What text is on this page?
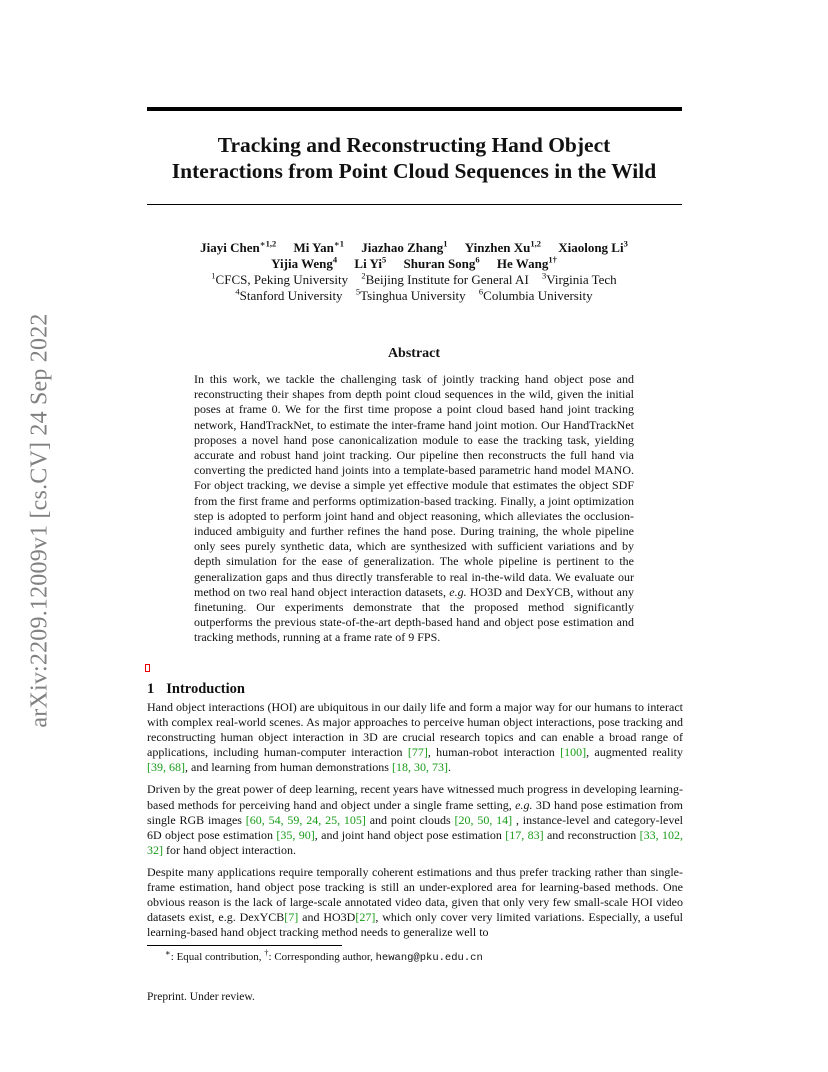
arXiv:2209.12009v1 [cs.CV] 24 Sep 2022
Tracking and Reconstructing Hand Object
Interactions from Point Cloud Sequences in the Wild
Jiayi Chen$^{∗1,2}$ Mi Yan$^{∗1}$ Jiazhao Zhang$^1$ Yinzhen Xu$^{1,2}$ Xiaolong Li$^3$
Yijia Weng$^4$ Li Yi$^5$ Shuran Song$^6$ He Wang$^{1\dagger}$
$^1$CFCS, Peking University $^2$Beijing Institute for General AI $^3$Virginia Tech
$^4$Stanford University $^5$Tsinghua University $^6$Columbia University
Abstract

In this work, we tackle the challenging task of jointly tracking hand object pose and reconstructing their shapes from depth point cloud sequences in the wild, given the initial poses at frame 0. We for the first time propose a point cloud based hand joint tracking network, HandTrackNet, to estimate the inter-frame hand joint motion. Our HandTrackNet proposes a novel hand pose canonicalization module to ease the tracking task, yielding accurate and robust hand joint tracking. Our pipeline then reconstructs the full hand via converting the predicted hand joints into a template-based parametric hand model MANO. For object tracking, we devise a simple yet effective module that estimates the object SDF from the first frame and performs optimization-based tracking. Finally, a joint optimization step is adopted to perform joint hand and object reasoning, which alleviates the occlusion-induced ambiguity and further refines the hand pose. During training, the whole pipeline only sees purely synthetic data, which are synthesized with sufficient variations and by depth simulation for the ease of generalization. The whole pipeline is pertinent to the generalization gaps and thus directly transferable to real in-the-wild data. We evaluate our method on two real hand object interaction datasets, e.g. HO3D and DexYCB, without any finetuning. Our experiments demonstrate that the proposed method significantly outperforms the previous state-of-the-art depth-based hand and object pose estimation and tracking methods, running at a frame rate of 9 FPS.

1 Introduction

Hand object interactions (HOI) are ubiquitous in our daily life and form a major way for our humans to interact with complex real-world scenes. As major approaches to perceive human object interactions, pose tracking and reconstructing human object interaction in 3D are crucial research topics and can enable a broad range of applications, including human-computer interaction [77], human-robot interaction [100], augmented reality [39, 68], and learning from human demonstrations [18, 30, 73].

Driven by the great power of deep learning, recent years have witnessed much progress in developing learning-based methods for perceiving hand and object under a single frame setting, e.g. 3D hand pose estimation from single RGB images [60, 54, 59, 24, 25, 105] and point clouds [20, 50, 14] , instance-level and category-level 6D object pose estimation [35, 90], and joint hand object pose estimation [17, 83] and reconstruction [33, 102, 32] for hand object interaction.

Despite many applications require temporally coherent estimations and thus prefer tracking rather than single-frame estimation, hand object pose tracking is still an under-explored area for learning-based methods. One obvious reason is the lack of large-scale annotated video data, given that only very few small-scale HOI video datasets exist, e.g. DexYCB[7] and HO3D[27], which only cover very limited variations. Especially, a useful learning-based hand object tracking method needs to generalize well to

∗: Equal contribution, †: Corresponding author, hewang@pku.edu.cn

Preprint. Under review.
